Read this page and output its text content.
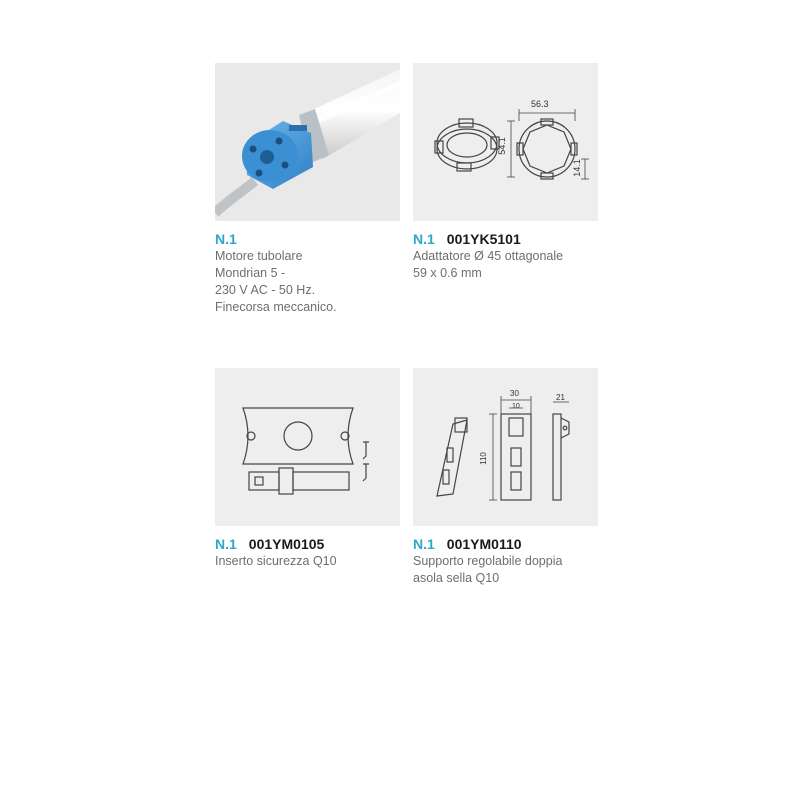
N.1
Motore tubolare
Mondrian 5 -
230 V AC - 50 Hz.
Finecorsa meccanico.
56.3
54.1
14.1
N.1 001YK5101
Adattatore Ø 45 ottagonale
59 x 0.6 mm
N.1 001YM0105
Inserto sicurezza Q10
30
10
21
110
N.1 001YM0110
Supporto regolabile doppia
asola sella Q10
